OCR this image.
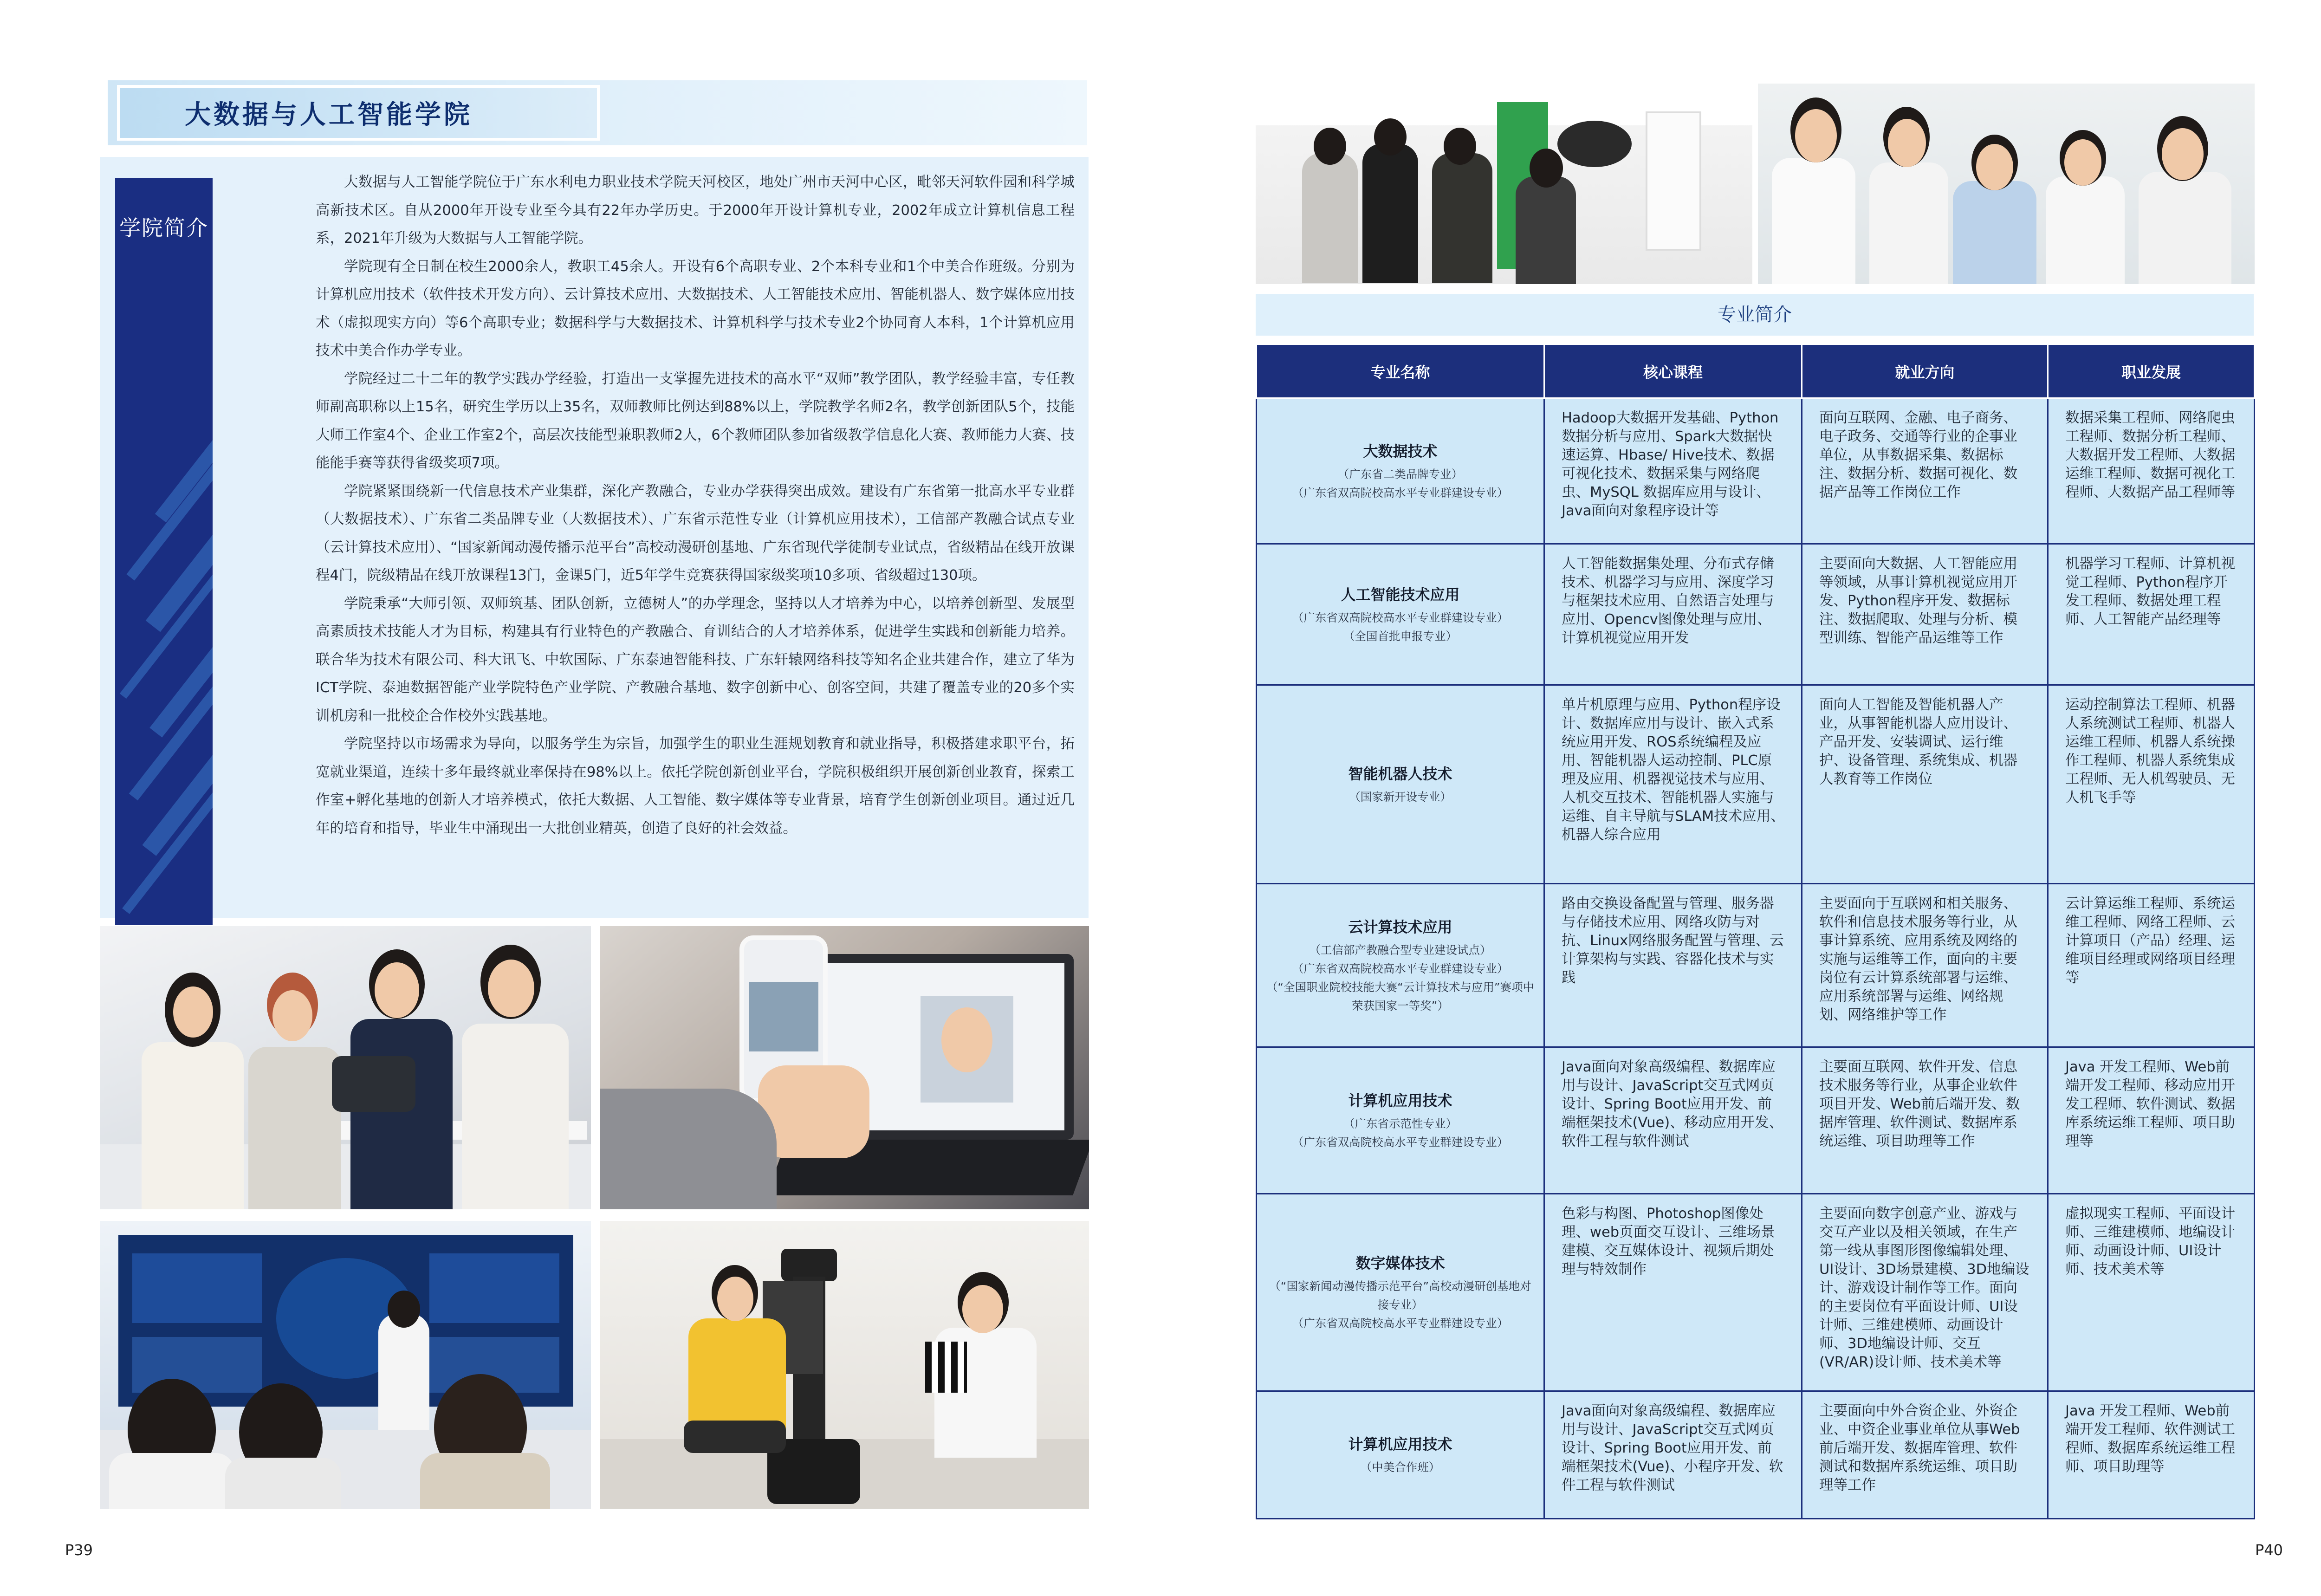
大数据与人工智能学院
学院简介

大数据与人工智能学院位于广东水利电力职业技术学院天河校区，地处广州市天河中心区，毗邻天河软件园和科学城高新技术区。自从2000年开设专业至今具有22年办学历史。于2000年开设计算机专业，2002年成立计算机信息工程系，2021年升级为大数据与人工智能学院。

学院现有全日制在校生2000余人，教职工45余人。开设有6个高职专业、2个本科专业和1个中美合作班级。分别为计算机应用技术（软件技术开发方向）、云计算技术应用、大数据技术、人工智能技术应用、智能机器人、数字媒体应用技术（虚拟现实方向）等6个高职专业；数据科学与大数据技术、计算机科学与技术专业2个协同育人本科，1个计算机应用技术中美合作办学专业。

学院经过二十二年的教学实践办学经验，打造出一支掌握先进技术的高水平“双师”教学团队，教学经验丰富，专任教师副高职称以上15名，研究生学历以上35名，双师教师比例达到88%以上，学院教学名师2名，教学创新团队5个，技能大师工作室4个、企业工作室2个，高层次技能型兼职教师2人，6个教师团队参加省级教学信息化大赛、教师能力大赛、技能能手赛等获得省级奖项7项。

学院紧紧围绕新一代信息技术产业集群，深化产教融合，专业办学获得突出成效。建设有广东省第一批高水平专业群（大数据技术）、广东省二类品牌专业（大数据技术）、广东省示范性专业（计算机应用技术），工信部产教融合试点专业（云计算技术应用）、“国家新闻动漫传播示范平台”高校动漫研创基地、广东省现代学徒制专业试点，省级精品在线开放课程4门，院级精品在线开放课程13门，金课5门，近5年学生竞赛获得国家级奖项10多项、省级超过130项。

学院秉承“大师引领、双师筑基、团队创新，立德树人”的办学理念，坚持以人才培养为中心，以培养创新型、发展型高素质技术技能人才为目标，构建具有行业特色的产教融合、育训结合的人才培养体系，促进学生实践和创新能力培养。联合华为技术有限公司、科大讯飞、中软国际、广东泰迪智能科技、广东轩辕网络科技等知名企业共建合作，建立了华为ICT学院、泰迪数据智能产业学院特色产业学院、产教融合基地、数字创新中心、创客空间，共建了覆盖专业的20多个实训机房和一批校企合作校外实践基地。

学院坚持以市场需求为导向，以服务学生为宗旨，加强学生的职业生涯规划教育和就业指导，积极搭建求职平台，拓宽就业渠道，连续十多年最终就业率保持在98%以上。依托学院创新创业平台，学院积极组织开展创新创业教育，探索工作室+孵化基地的创新人才培养模式，依托大数据、人工智能、数字媒体等专业背景，培育学生创新创业项目。通过近几年的培育和指导，毕业生中涌现出一大批创业精英，创造了良好的社会效益。

P39
专业简介
专业名称	核心课程	就业方向	职业发展

大数据技术
（广东省二类品牌专业）
（广东省双高院校高水平专业群建设专业）	Hadoop大数据开发基础、Python数据分析与应用、Spark大数据快速运算、Hbase/ Hive技术、数据可视化技术、数据采集与网络爬虫、MySQL 数据库应用与设计、Java面向对象程序设计等	面向互联网、金融、电子商务、电子政务、交通等行业的企事业单位，从事数据采集、数据标注、数据分析、数据可视化、数据产品等工作岗位工作	数据采集工程师、网络爬虫工程师、数据分析工程师、大数据开发工程师、大数据运维工程师、数据可视化工程师、大数据产品工程师等

人工智能技术应用
（广东省双高院校高水平专业群建设专业）
（全国首批申报专业）	人工智能数据集处理、分布式存储技术、机器学习与应用、深度学习与框架技术应用、自然语言处理与应用、Opencv图像处理与应用、计算机视觉应用开发	主要面向大数据、人工智能应用等领域，从事计算机视觉应用开发、Python程序开发、数据标注、数据爬取、处理与分析、模型训练、智能产品运维等工作	机器学习工程师、计算机视觉工程师、Python程序开发工程师、数据处理工程师、人工智能产品经理等

智能机器人技术
（国家新开设专业）	单片机原理与应用、Python程序设计、数据库应用与设计、嵌入式系统应用开发、ROS系统编程及应用、智能机器人运动控制、PLC原理及应用、机器视觉技术与应用、人机交互技术、智能机器人实施与运维、自主导航与SLAM技术应用、机器人综合应用	面向人工智能及智能机器人产业，从事智能机器人应用设计、产品开发、安装调试、运行维护、设备管理、系统集成、机器人教育等工作岗位	运动控制算法工程师、机器人系统测试工程师、机器人运维工程师、机器人系统操作工程师、机器人系统集成工程师、无人机驾驶员、无人机飞手等

云计算技术应用
（工信部产教融合型专业建设试点）
（广东省双高院校高水平专业群建设专业）
（“全国职业院校技能大赛“云计算技术与应用”赛项中荣获国家一等奖”）	路由交换设备配置与管理、服务器与存储技术应用、网络攻防与对抗、Linux网络服务配置与管理、云计算架构与实践、容器化技术与实践	主要面向于互联网和相关服务、软件和信息技术服务等行业，从事计算系统、应用系统及网络的实施与运维等工作，面向的主要岗位有云计算系统部署与运维、应用系统部署与运维、网络规划、网络维护等工作	云计算运维工程师、系统运维工程师、网络工程师、云计算项目（产品）经理、运维项目经理或网络项目经理等

计算机应用技术
（广东省示范性专业）
（广东省双高院校高水平专业群建设专业）	Java面向对象高级编程、数据库应用与设计、JavaScript交互式网页设计、Spring Boot应用开发、前端框架技术(Vue)、移动应用开发、软件工程与软件测试	主要面互联网、软件开发、信息技术服务等行业，从事企业软件项目开发、Web前后端开发、数据库管理、软件测试、数据库系统运维、项目助理等工作	Java 开发工程师、Web前端开发工程师、移动应用开发工程师、软件测试、数据库系统运维工程师、项目助理等

数字媒体技术
（“国家新闻动漫传播示范平台”高校动漫研创基地对接专业）
（广东省双高院校高水平专业群建设专业）	色彩与构图、Photoshop图像处理、web页面交互设计、三维场景建模、交互媒体设计、视频后期处理与特效制作	主要面向数字创意产业、游戏与交互产业以及相关领域，在生产第一线从事图形图像编辑处理、UI设计、3D场景建模、3D地编设计、游戏设计制作等工作。面向的主要岗位有平面设计师、UI设计师、三维建模师、动画设计师、3D地编设计师、交互(VR/AR)设计师、技术美术等	虚拟现实工程师、平面设计师、三维建模师、地编设计师、动画设计师、UI设计师、技术美术等

计算机应用技术
（中美合作班）	Java面向对象高级编程、数据库应用与设计、JavaScript交互式网页设计、Spring Boot应用开发、前端框架技术(Vue)、小程序开发、软件工程与软件测试	主要面向中外合资企业、外资企业、中资企业事业单位从事Web前后端开发、数据库管理、软件测试和数据库系统运维、项目助理等工作	Java 开发工程师、Web前端开发工程师、软件测试工程师、数据库系统运维工程师、项目助理等
P40
